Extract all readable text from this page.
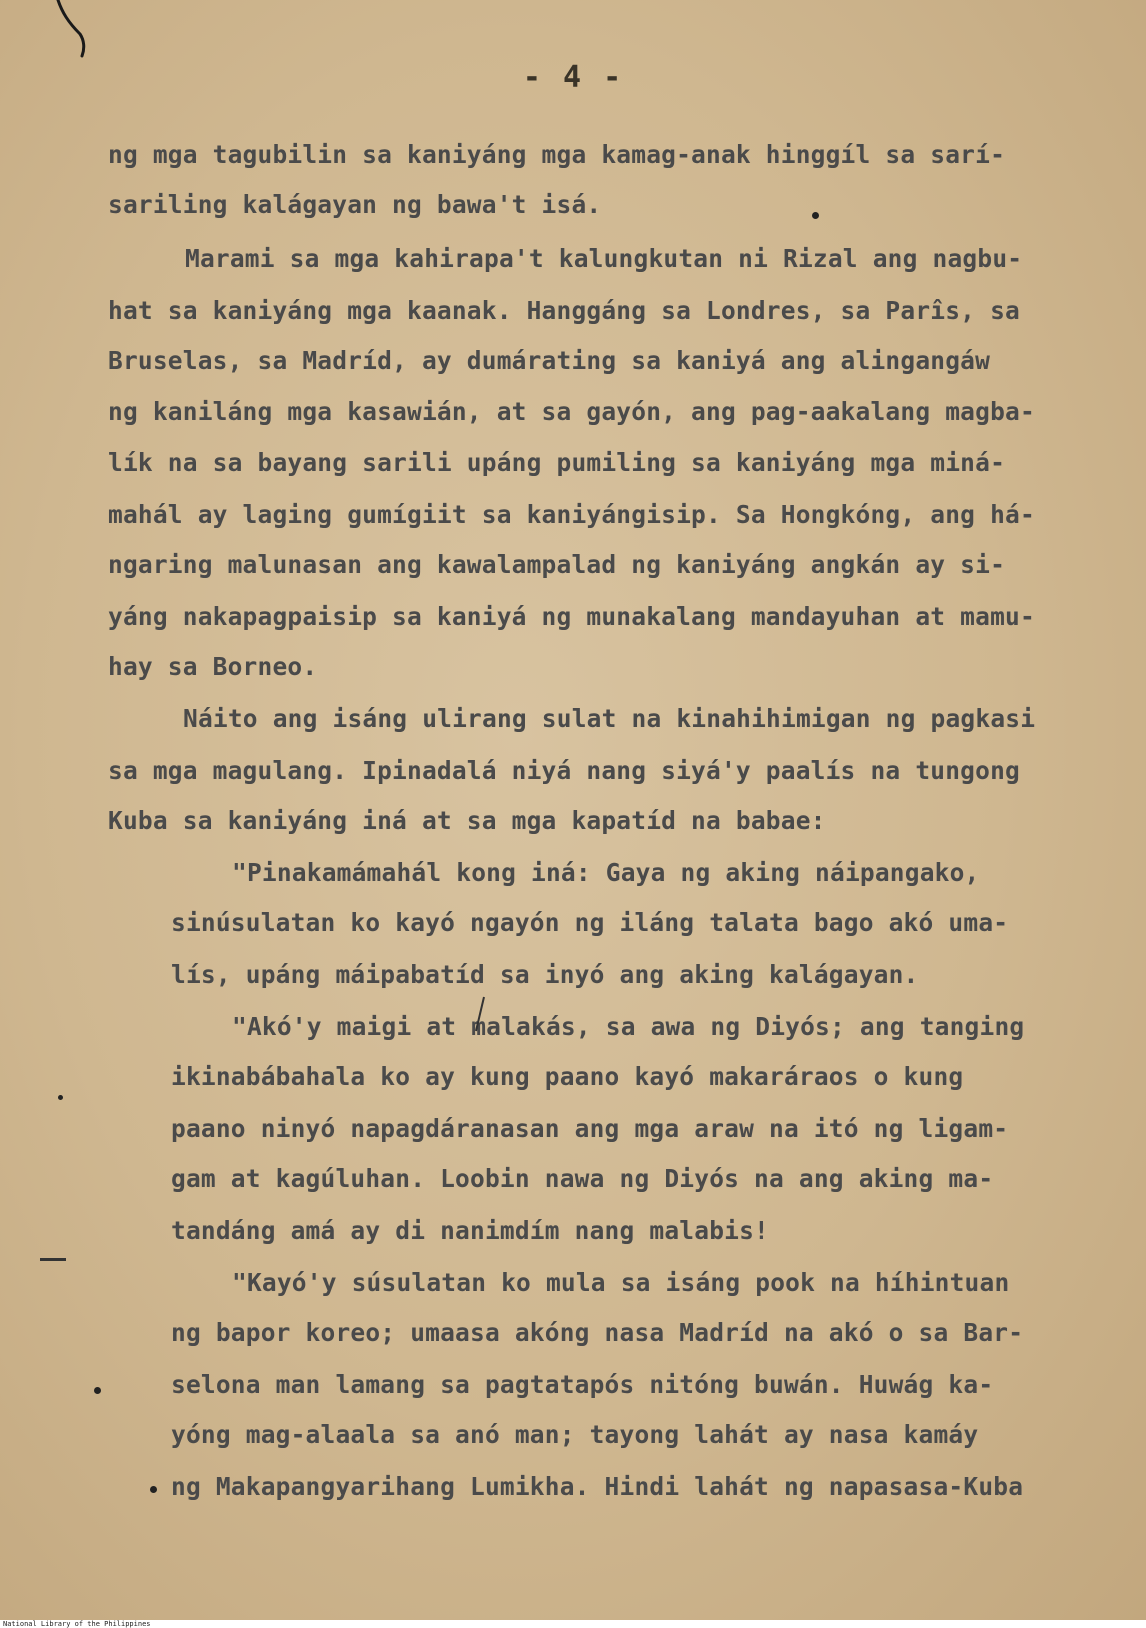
- 4 -

ng mga tagubilin sa kaniyáng mga kamag-anak hinggíl sa sarí-

sariling kalágayan ng bawa't isá.

Marami sa mga kahirapa't kalungkutan ni Rizal ang nagbu-

hat sa kaniyáng mga kaanak. Hanggáng sa Londres, sa Parîs, sa

Bruselas, sa Madríd, ay dumárating sa kaniyá ang alingangáw

ng kaniláng mga kasawián, at sa gayón, ang pag-aakalang magba-

lík na sa bayang sarili upáng pumiling sa kaniyáng mga miná-

mahál ay laging gumígiit sa kaniyángisip. Sa Hongkóng, ang há-

ngaring malunasan ang kawalampalad ng kaniyáng angkán ay si-

yáng nakapagpaisip sa kaniyá ng munakalang mandayuhan at mamu-

hay sa Borneo.

Náito ang isáng ulirang sulat na kinahihimigan ng pagkasi

sa mga magulang. Ipinadalá niyá nang siyá'y paalís na tungong

Kuba sa kaniyáng iná at sa mga kapatíd na babae:

"Pinakamámahál kong iná: Gaya ng aking náipangako,

sinúsulatan ko kayó ngayón ng iláng talata bago akó uma-

lís, upáng máipabatíd sa inyó ang aking kalágayan.

"Akó'y maigi at malakás, sa awa ng Diyós; ang tanging

ikinabábahala ko ay kung paano kayó makaráraos o kung

paano ninyó napagdáranasan ang mga araw na itó ng ligam-

gam at kagúluhan. Loobin nawa ng Diyós na ang aking ma-

tandáng amá ay di nanimdím nang malabis!

"Kayó'y súsulatan ko mula sa isáng pook na híhintuan

ng bapor koreo; umaasa akóng nasa Madríd na akó o sa Bar-

selona man lamang sa pagtatapós nitóng buwán. Huwág ka-

yóng mag-alaala sa anó man; tayong lahát ay nasa kamáy

ng Makapangyarihang Lumikha. Hindi lahát ng napasasa-Kuba

National Library of the Philippines
